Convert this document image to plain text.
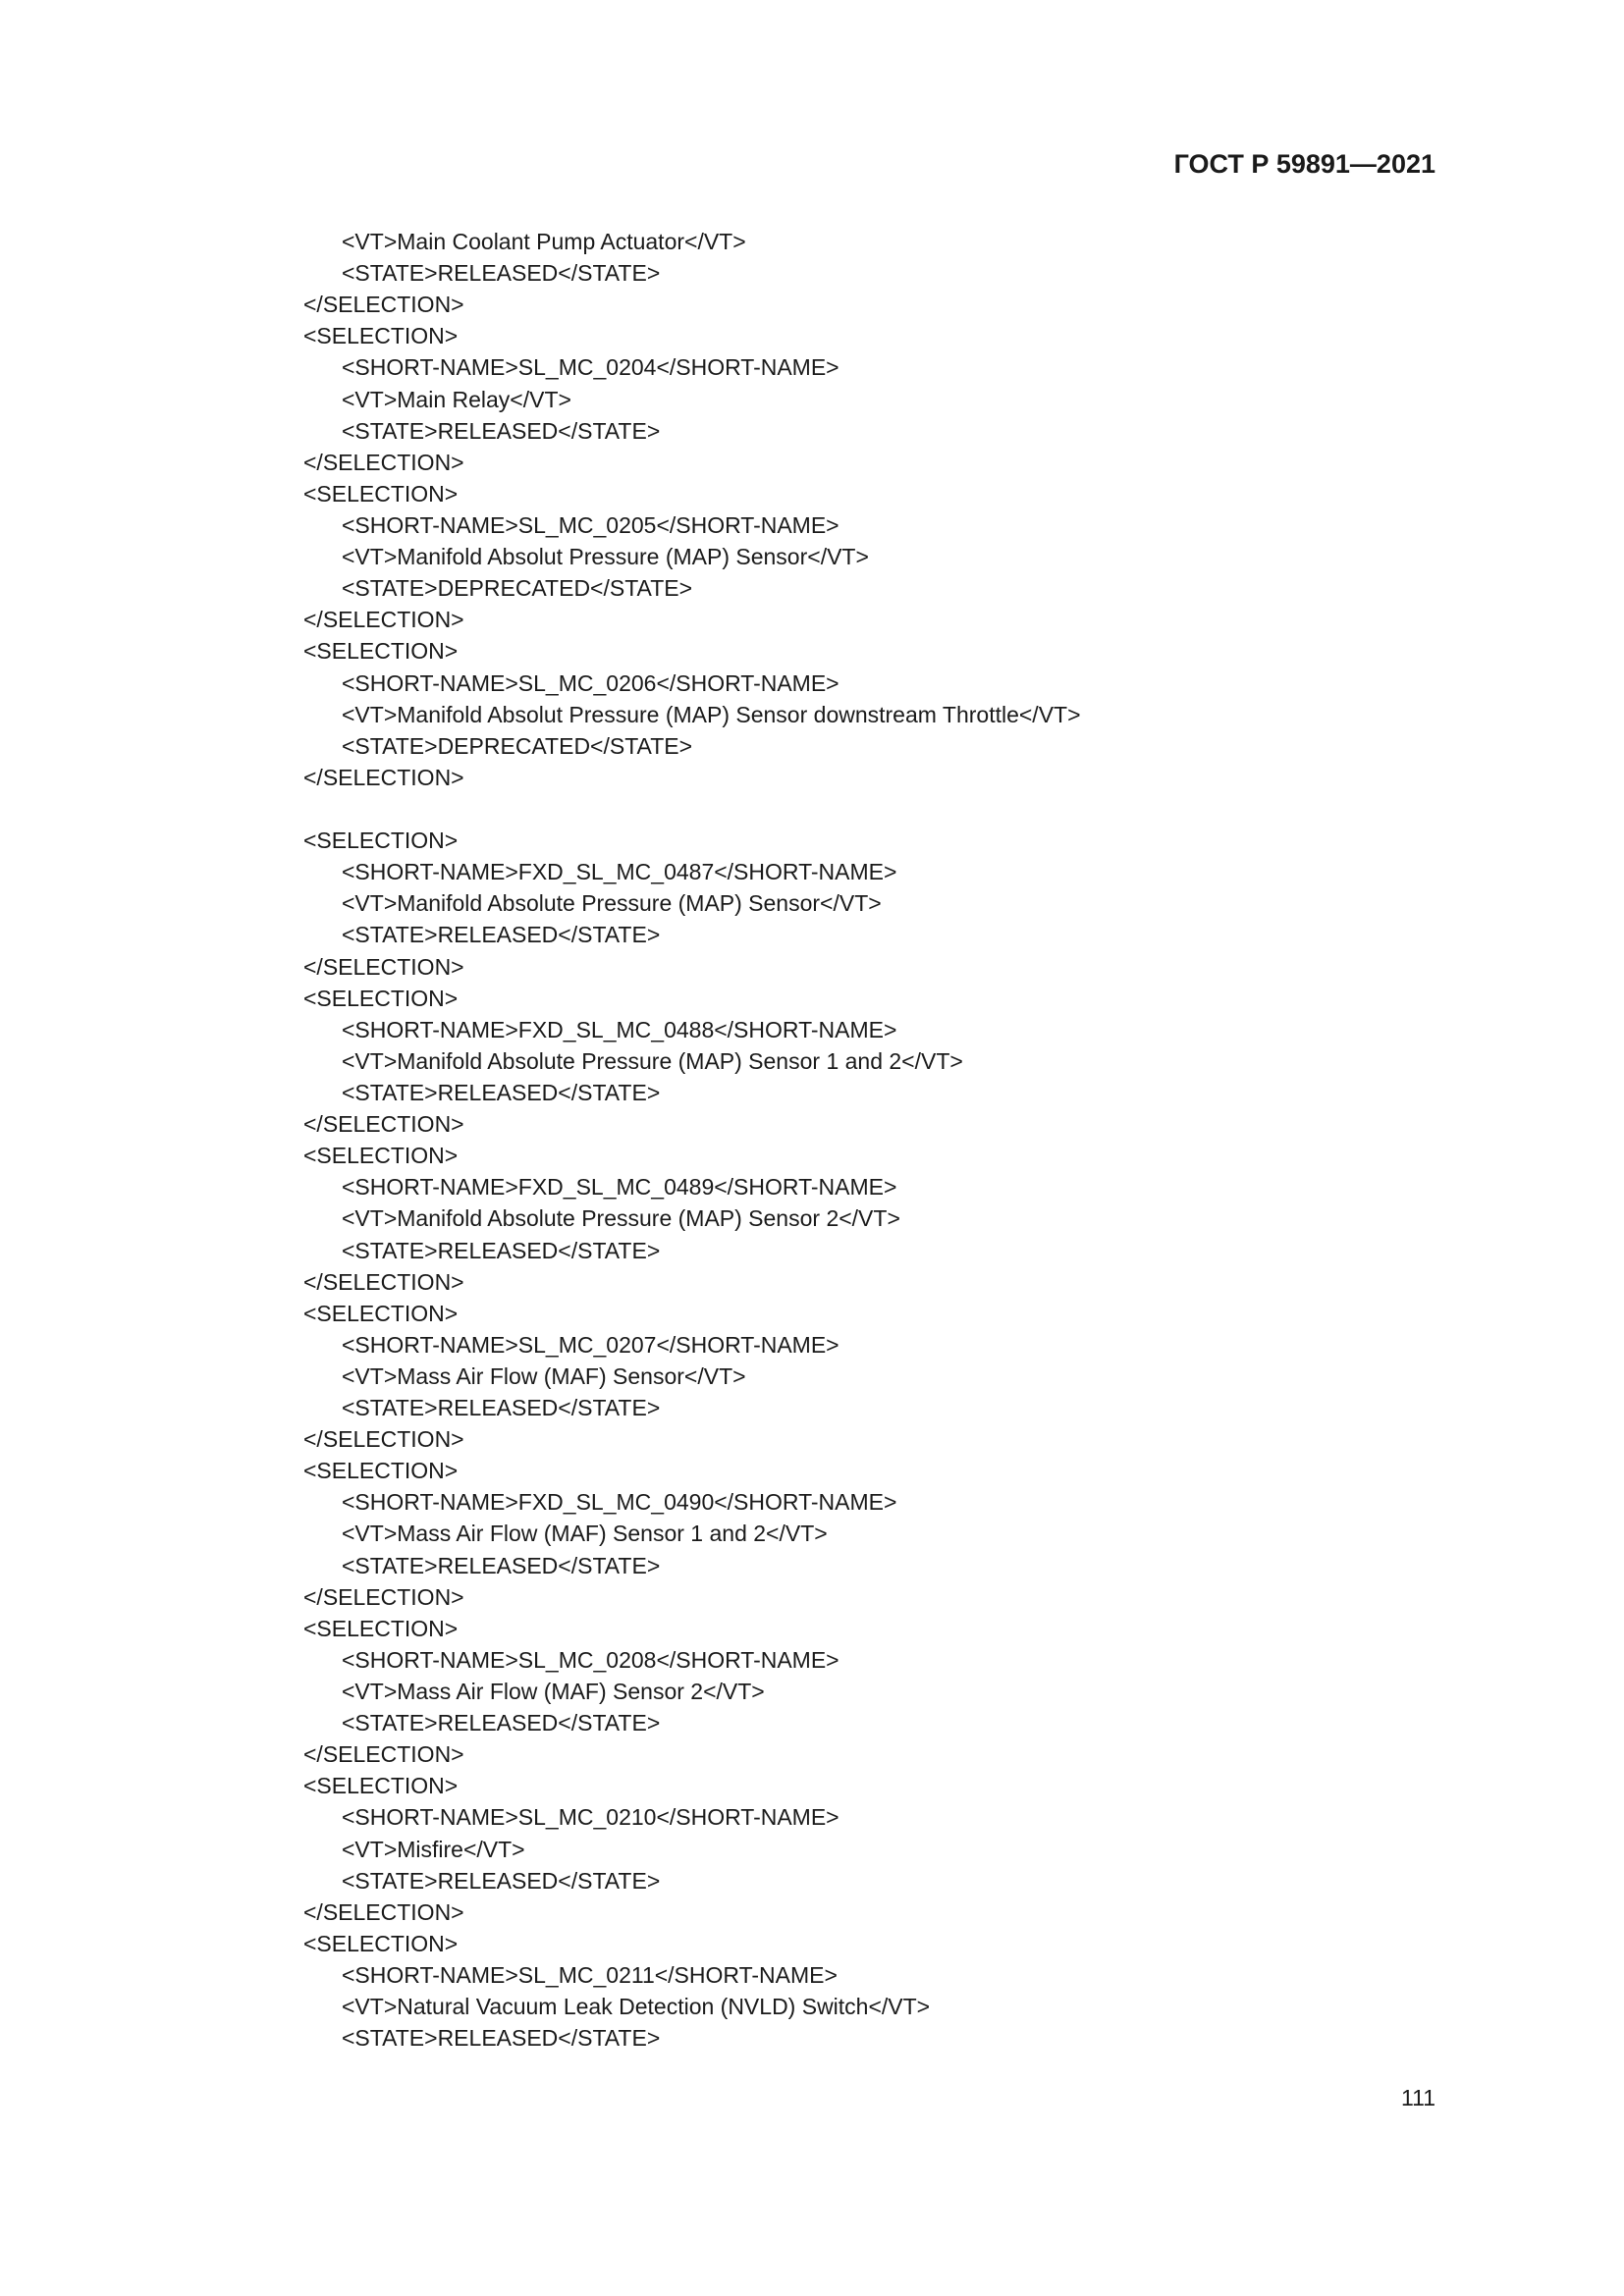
ГОСТ Р 59891—2021
<VT>Main Coolant Pump Actuator</VT>
<STATE>RELEASED</STATE>
</SELECTION>
<SELECTION>
<SHORT-NAME>SL_MC_0204</SHORT-NAME>
<VT>Main Relay</VT>
<STATE>RELEASED</STATE>
</SELECTION>
<SELECTION>
<SHORT-NAME>SL_MC_0205</SHORT-NAME>
<VT>Manifold Absolut Pressure (MAP) Sensor</VT>
<STATE>DEPRECATED</STATE>
</SELECTION>
<SELECTION>
<SHORT-NAME>SL_MC_0206</SHORT-NAME>
<VT>Manifold Absolut Pressure (MAP) Sensor downstream Throttle</VT>
<STATE>DEPRECATED</STATE>
</SELECTION>
<SELECTION>
<SHORT-NAME>FXD_SL_MC_0487</SHORT-NAME>
<VT>Manifold Absolute Pressure (MAP) Sensor</VT>
<STATE>RELEASED</STATE>
</SELECTION>
<SELECTION>
<SHORT-NAME>FXD_SL_MC_0488</SHORT-NAME>
<VT>Manifold Absolute Pressure (MAP) Sensor 1 and 2</VT>
<STATE>RELEASED</STATE>
</SELECTION>
<SELECTION>
<SHORT-NAME>FXD_SL_MC_0489</SHORT-NAME>
<VT>Manifold Absolute Pressure (MAP) Sensor 2</VT>
<STATE>RELEASED</STATE>
</SELECTION>
<SELECTION>
<SHORT-NAME>SL_MC_0207</SHORT-NAME>
<VT>Mass Air Flow (MAF) Sensor</VT>
<STATE>RELEASED</STATE>
</SELECTION>
<SELECTION>
<SHORT-NAME>FXD_SL_MC_0490</SHORT-NAME>
<VT>Mass Air Flow (MAF) Sensor 1 and 2</VT>
<STATE>RELEASED</STATE>
</SELECTION>
<SELECTION>
<SHORT-NAME>SL_MC_0208</SHORT-NAME>
<VT>Mass Air Flow (MAF) Sensor 2</VT>
<STATE>RELEASED</STATE>
</SELECTION>
<SELECTION>
<SHORT-NAME>SL_MC_0210</SHORT-NAME>
<VT>Misfire</VT>
<STATE>RELEASED</STATE>
</SELECTION>
<SELECTION>
<SHORT-NAME>SL_MC_0211</SHORT-NAME>
<VT>Natural Vacuum Leak Detection (NVLD) Switch</VT>
<STATE>RELEASED</STATE>
111
